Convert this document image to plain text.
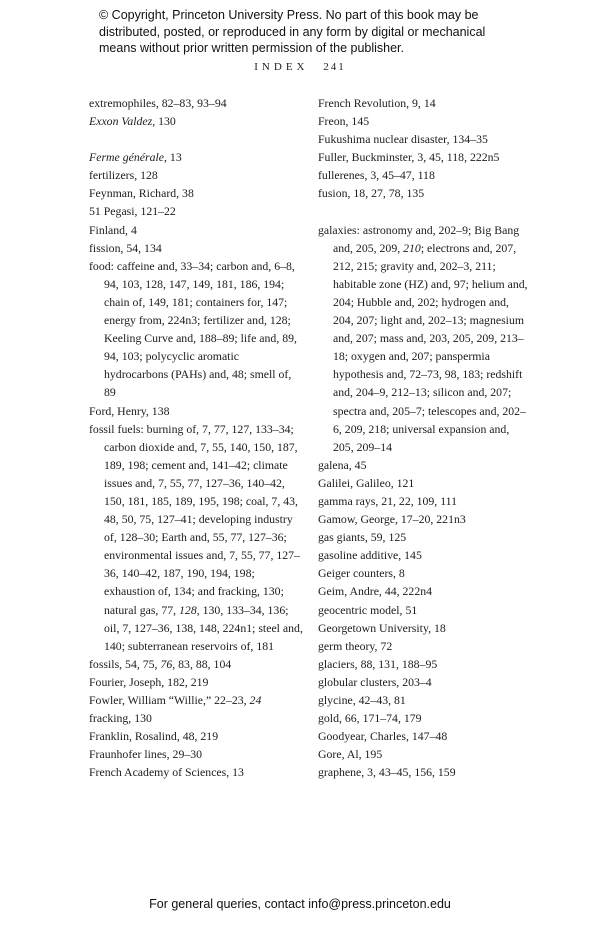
© Copyright, Princeton University Press. No part of this book may be distributed, posted, or reproduced in any form by digital or mechanical means without prior written permission of the publisher.
INDEX 241
extremophiles, 82–83, 93–94
Exxon Valdez, 130
Ferme générale, 13
fertilizers, 128
Feynman, Richard, 38
51 Pegasi, 121–22
Finland, 4
fission, 54, 134
food: caffeine and, 33–34; carbon and, 6–8, 94, 103, 128, 147, 149, 181, 186, 194; chain of, 149, 181; containers for, 147; energy from, 224n3; fertilizer and, 128; Keeling Curve and, 188–89; life and, 89, 94, 103; polycyclic aromatic hydrocarbons (PAHs) and, 48; smell of, 89
Ford, Henry, 138
fossil fuels: burning of, 7, 77, 127, 133–34; carbon dioxide and, 7, 55, 140, 150, 187, 189, 198; cement and, 141–42; climate issues and, 7, 55, 77, 127–36, 140–42, 150, 181, 185, 189, 195, 198; coal, 7, 43, 48, 50, 75, 127–41; developing industry of, 128–30; Earth and, 55, 77, 127–36; environmental issues and, 7, 55, 77, 127–36, 140–42, 187, 190, 194, 198; exhaustion of, 134; and fracking, 130; natural gas, 77, 128, 130, 133–34, 136; oil, 7, 127–36, 138, 148, 224n1; steel and, 140; subterranean reservoirs of, 181
fossils, 54, 75, 76, 83, 88, 104
Fourier, Joseph, 182, 219
Fowler, William “Willie,” 22–23, 24
fracking, 130
Franklin, Rosalind, 48, 219
Fraunhofer lines, 29–30
French Academy of Sciences, 13
French Revolution, 9, 14
Freon, 145
Fukushima nuclear disaster, 134–35
Fuller, Buckminster, 3, 45, 118, 222n5
fullerenes, 3, 45–47, 118
fusion, 18, 27, 78, 135
galaxies: astronomy and, 202–9; Big Bang and, 205, 209, 210; electrons and, 207, 212, 215; gravity and, 202–3, 211; habitable zone (HZ) and, 97; helium and, 204; Hubble and, 202; hydrogen and, 204, 207; light and, 202–13; magnesium and, 207; mass and, 203, 205, 209, 213–18; oxygen and, 207; panspermia hypothesis and, 72–73, 98, 183; redshift and, 204–9, 212–13; silicon and, 207; spectra and, 205–7; telescopes and, 202–6, 209, 218; universal expansion and, 205, 209–14
galena, 45
Galilei, Galileo, 121
gamma rays, 21, 22, 109, 111
Gamow, George, 17–20, 221n3
gas giants, 59, 125
gasoline additive, 145
Geiger counters, 8
Geim, Andre, 44, 222n4
geocentric model, 51
Georgetown University, 18
germ theory, 72
glaciers, 88, 131, 188–95
globular clusters, 203–4
glycine, 42–43, 81
gold, 66, 171–74, 179
Goodyear, Charles, 147–48
Gore, Al, 195
graphene, 3, 43–45, 156, 159
For general queries, contact info@press.princeton.edu
